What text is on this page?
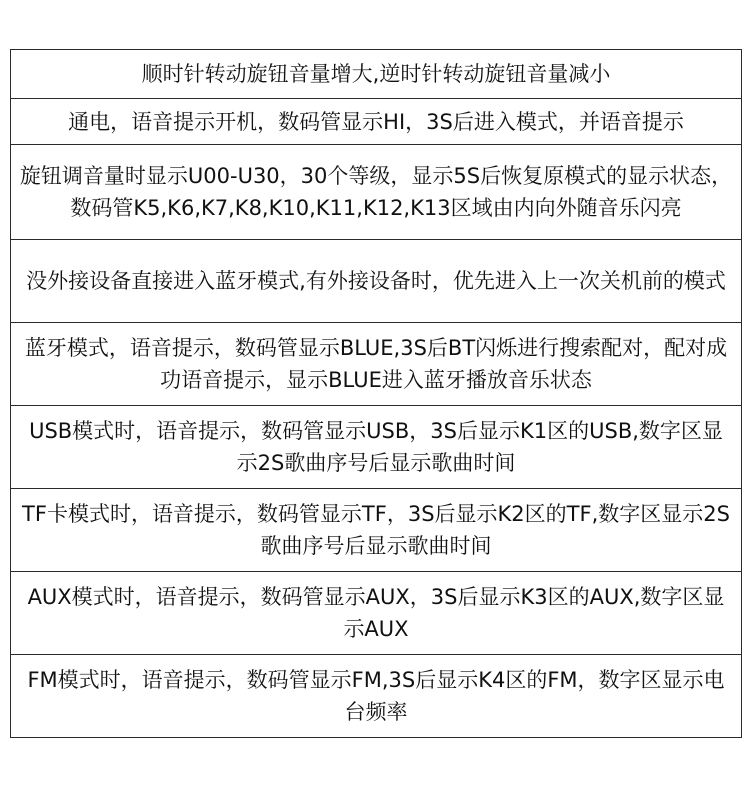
顺时针转动旋钮音量增大,逆时针转动旋钮音量减小
通电，语音提示开机，数码管显示HI，3S后进入模式，并语音提示
旋钮调音量时显示U00-U30，30个等级，显示5S后恢复原模式的显示状态，数码管K5,K6,K7,K8,K10,K11,K12,K13区域由内向外随音乐闪亮
没外接设备直接进入蓝牙模式,有外接设备时，优先进入上一次关机前的模式
蓝牙模式，语音提示，数码管显示BLUE,3S后BT闪烁进行搜索配对，配对成功语音提示，显示BLUE进入蓝牙播放音乐状态
USB模式时，语音提示，数码管显示USB，3S后显示K1区的USB,数字区显示2S歌曲序号后显示歌曲时间
TF卡模式时，语音提示，数码管显示TF，3S后显示K2区的TF,数字区显示2S歌曲序号后显示歌曲时间
AUX模式时，语音提示，数码管显示AUX，3S后显示K3区的AUX,数字区显示AUX
FM模式时，语音提示，数码管显示FM,3S后显示K4区的FM，数字区显示电台频率
